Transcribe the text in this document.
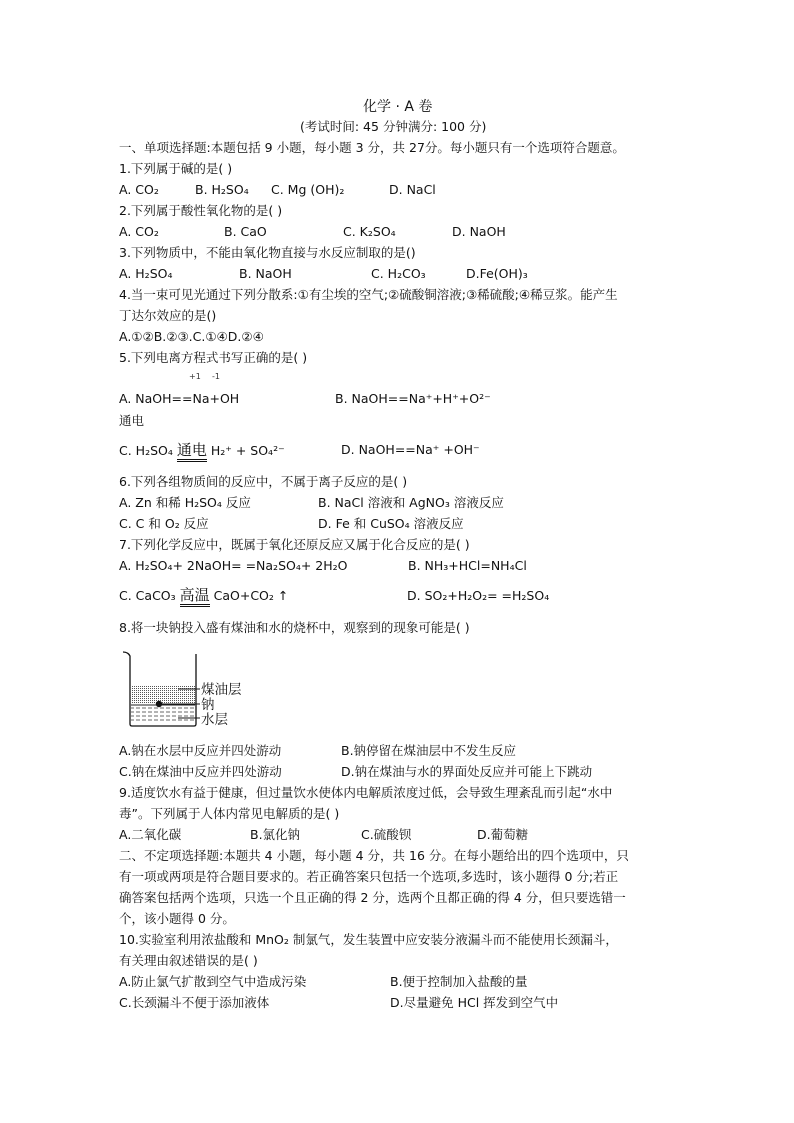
化学 · A 卷
(考试时间: 45 分钟满分: 100 分)
一、单项选择题:本题包括 9 小题，每小题 3 分，共 27分。每小题只有一个选项符合题意。
1.下列属于碱的是( )
A. CO₂	B. H₂SO₄ C. Mg (OH)₂	D. NaCl
2.下列属于酸性氧化物的是( )
A. CO₂	B. CaO	C. K₂SO₄	D. NaOH
3.下列物质中，不能由氧化物直接与水反应制取的是()
A. H₂SO₄	B. NaOH	C. H₂CO₃	D.Fe(OH)₃
4.当一束可见光通过下列分散系:①有尘埃的空气;②硫酸铜溶液;③稀硫酸;④稀豆浆。能产生
丁达尔效应的是()
A.①②B.②③.C.①④D.②④
5.下列电离方程式书写正确的是( )
+1 -1
A. NaOH==Na+OH	B. NaOH==Na⁺+H⁺+O²⁻
通电
C. H₂SO₄ 通电 H₂⁺ + SO₄²⁻	D. NaOH==Na⁺ +OH⁻
6.下列各组物质间的反应中，不属于离子反应的是( )
A. Zn 和稀 H₂SO₄ 反应	B. NaCl 溶液和 AgNO₃ 溶液反应
C. C 和 O₂ 反应	D. Fe 和 CuSO₄ 溶液反应
7.下列化学反应中，既属于氧化还原反应又属于化合反应的是( )
A. H₂SO₄+ 2NaOH= =Na₂SO₄+ 2H₂O	B. NH₃+HCl=NH₄Cl
C. CaCO₃ 高温 CaO+CO₂ ↑	D. SO₂+H₂O₂= =H₂SO₄
8.将一块钠投入盛有煤油和水的烧杯中，观察到的现象可能是( )
煤油层
钠
水层
A.钠在水层中反应并四处游动	B.钠停留在煤油层中不发生反应
C.钠在煤油中反应并四处游动	D.钠在煤油与水的界面处反应并可能上下跳动
9.适度饮水有益于健康，但过量饮水使体内电解质浓度过低，会导致生理紊乱而引起“水中
毒”。下列属于人体内常见电解质的是( )
A.二氧化碳	B.氯化钠	C.硫酸钡	D.葡萄糖
二、不定项选择题:本题共 4 小题，每小题 4 分，共 16 分。在每小题给出的四个选项中，只
有一项或两项是符合题目要求的。若正确答案只包括一个选项,多选时，该小题得 0 分;若正
确答案包括两个选项，只选一个且正确的得 2 分，选两个且都正确的得 4 分，但只要选错一
个，该小题得 0 分。
10.实验室利用浓盐酸和 MnO₂ 制氯气，发生装置中应安装分液漏斗而不能使用长颈漏斗，
有关理由叙述错误的是( )
A.防止氯气扩散到空气中造成污染	B.便于控制加入盐酸的量
C.长颈漏斗不便于添加液体	D.尽量避免 HCl 挥发到空气中
